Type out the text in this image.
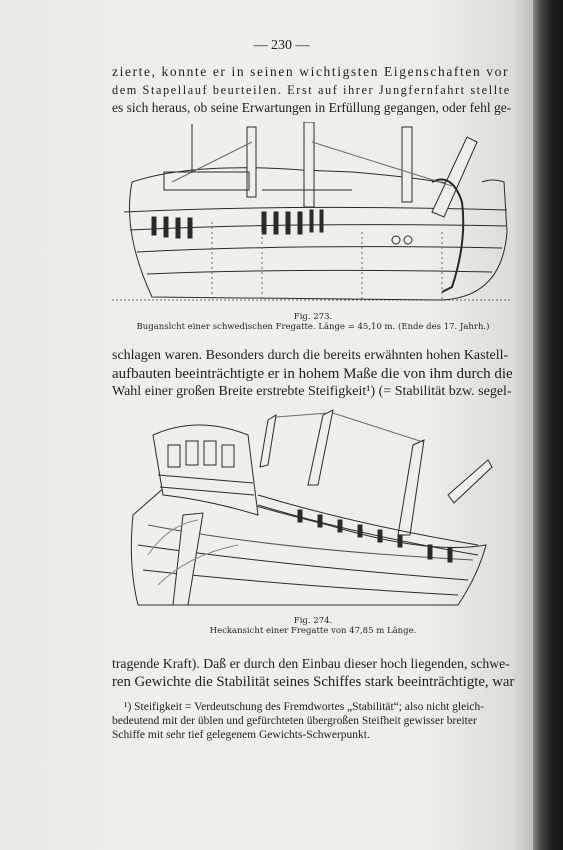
— 230 —
zierte, konnte er in seinen wichtigsten Eigenschaften vor
dem Stapellauf beurteilen. Erst auf ihrer Jungfernfahrt stellte
es sich heraus, ob seine Erwartungen in Erfüllung gegangen, oder fehl ge-
Fig. 273.
Buganslcht einer schwedischen Fregatte. Länge = 45,10 m. (Ende des 17. Jahrh.)
schlagen waren. Besonders durch die bereits erwähnten hohen Kastell-
aufbauten beeinträchtigte er in hohem Maße die von ihm durch die
Wahl einer großen Breite erstrebte Steifigkeit¹) (= Stabilität bzw. segel-
Fig. 274.
Heckansicht einer Fregatte von 47,85 m Länge.
tragende Kraft). Daß er durch den Einbau dieser hoch liegenden, schwe-
ren Gewichte die Stabilität seines Schiffes stark beeinträchtigte, war
¹) Steifigkeit = Verdeutschung des Fremdwortes „Stabilität“; also nicht gleich-
bedeutend mit der üblen und gefürchteten übergroßen Steifheit gewisser breiter
Schiffe mit sehr tief gelegenem Gewichts-Schwerpunkt.
